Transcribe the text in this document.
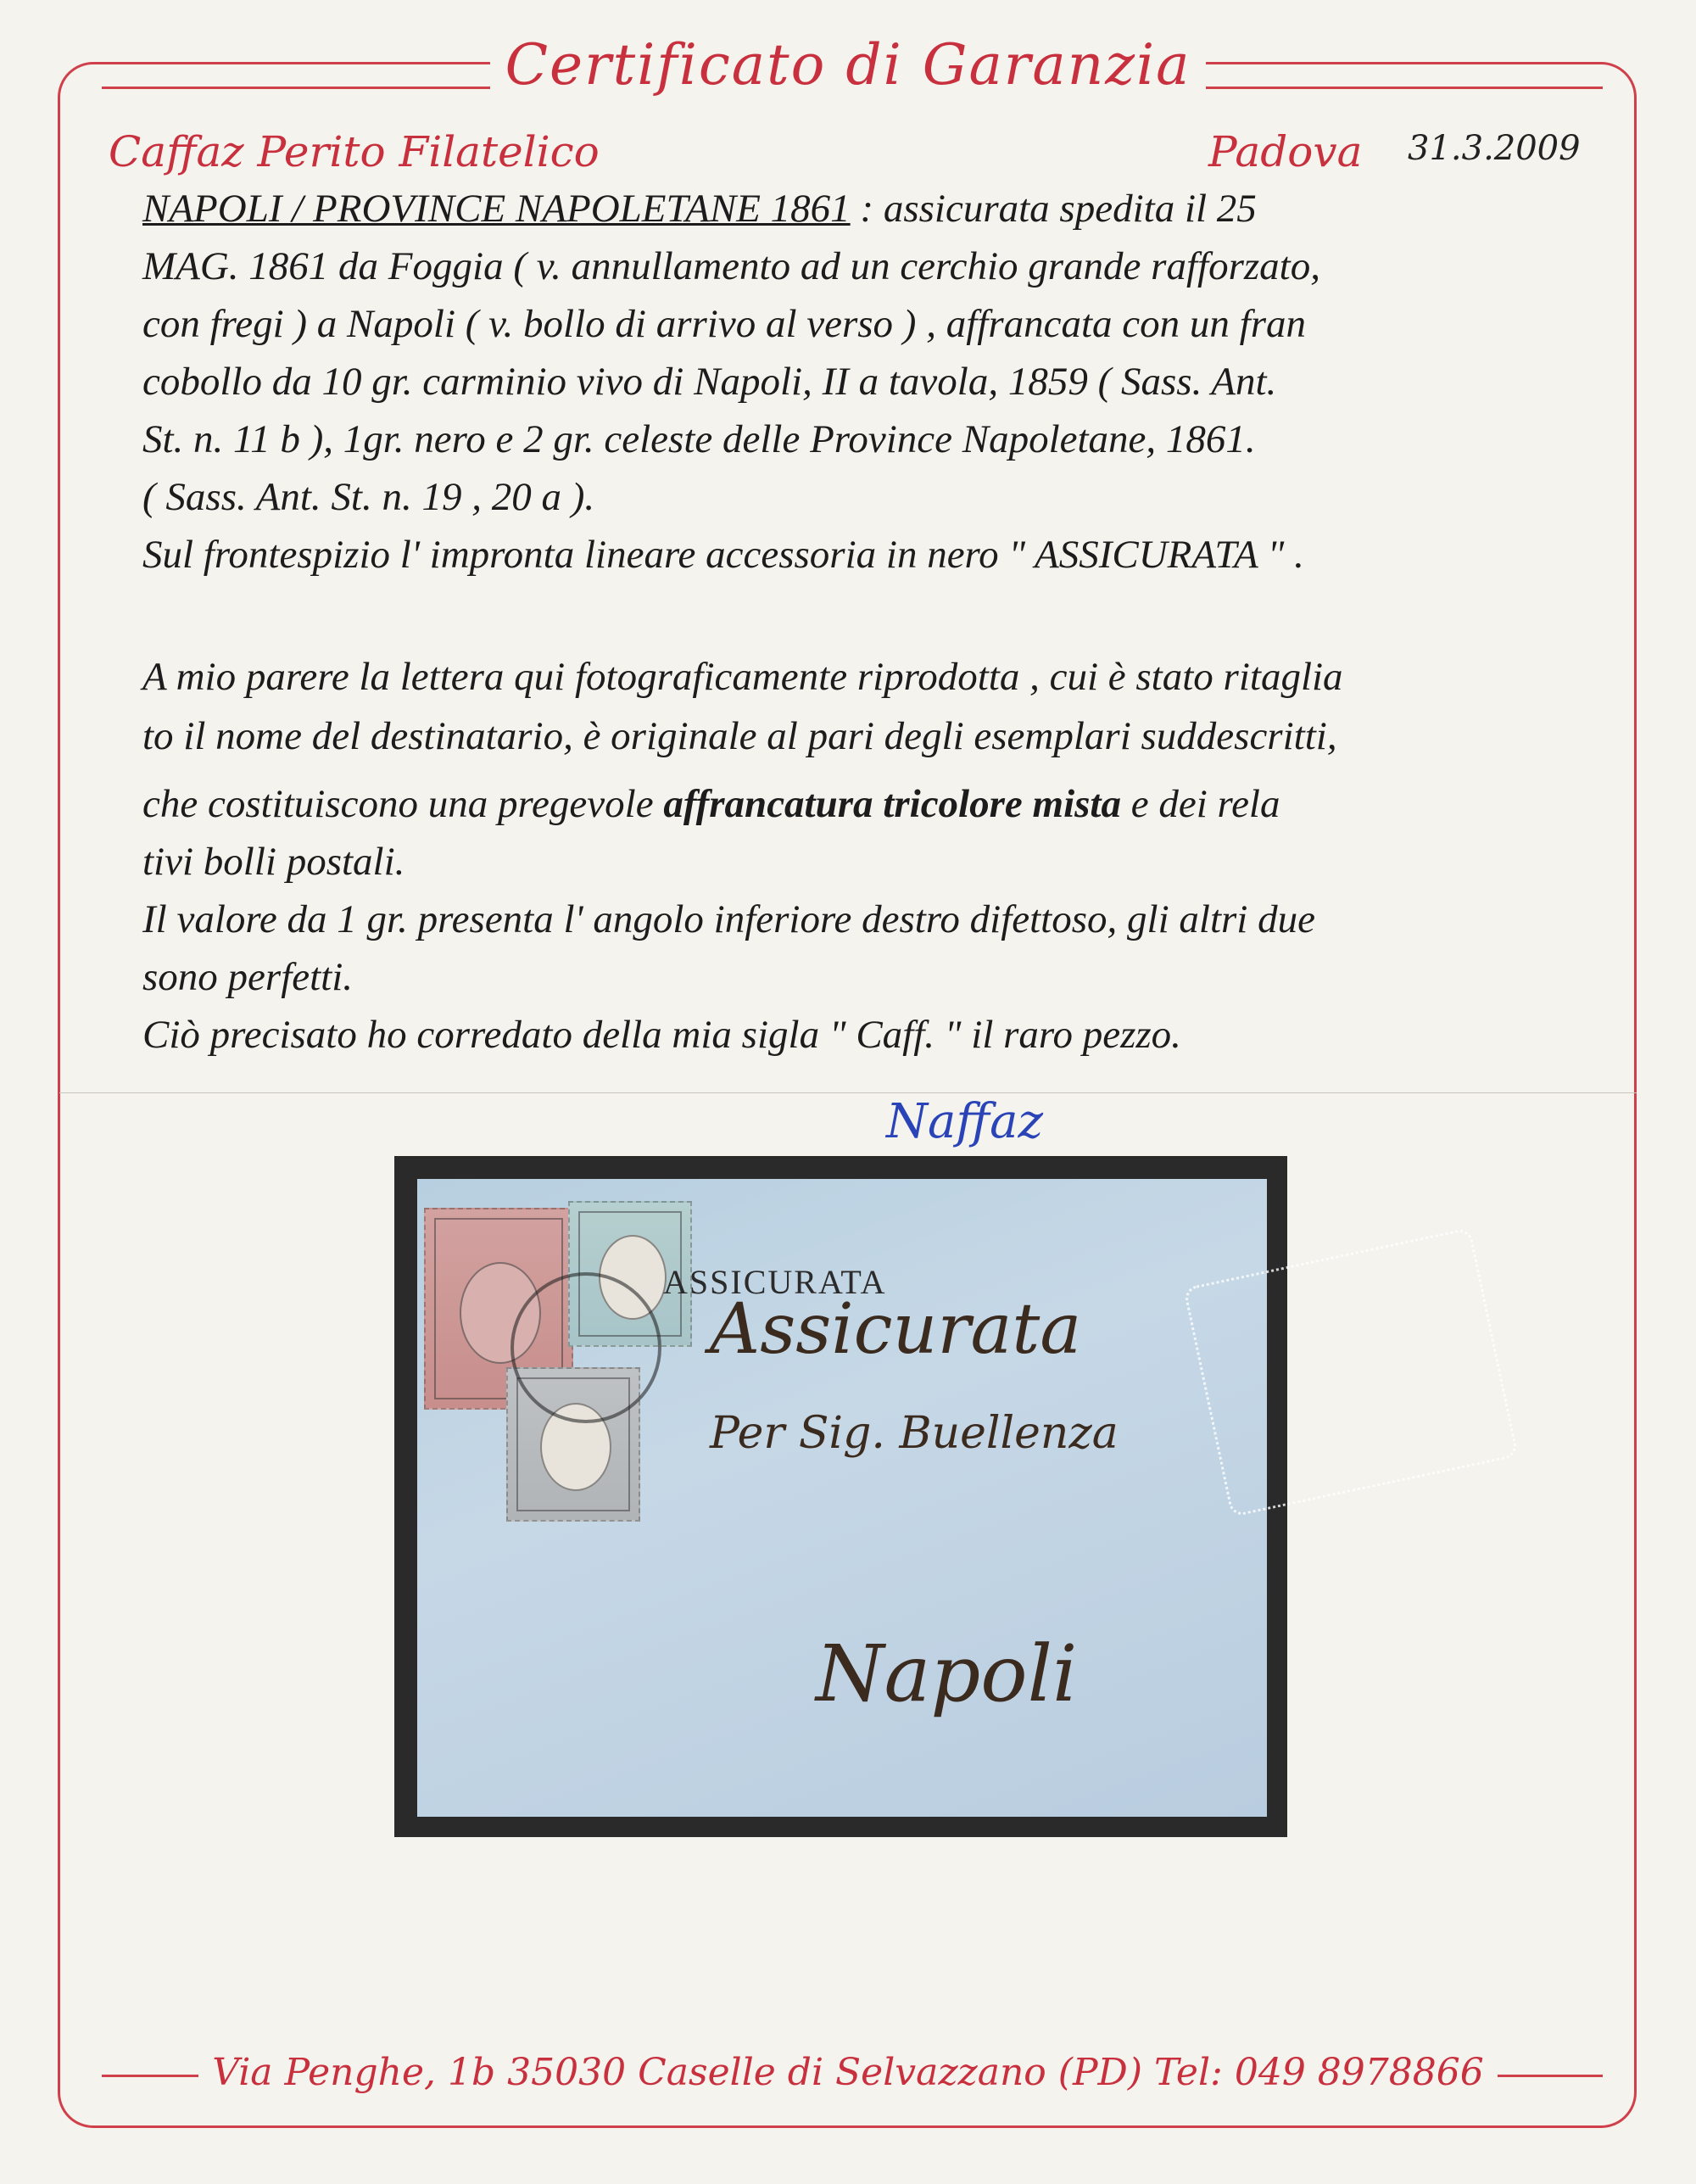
Certificato di Garanzia
Caffaz Perito Filatelico	Padova 31.3.2009
NAPOLI / PROVINCE NAPOLETANE 1861 : assicurata spedita il 25
MAG. 1861 da Foggia ( v. annullamento ad un cerchio grande rafforzato,
con fregi ) a Napoli ( v. bollo di arrivo al verso ) , affrancata con un fran
cobollo da 10 gr. carminio vivo di Napoli, II a tavola, 1859 ( Sass. Ant.
St. n. 11 b ), 1gr. nero e 2 gr. celeste delle Province Napoletane, 1861.
( Sass. Ant. St. n. 19 , 20 a ).
Sul frontespizio l' impronta lineare accessoria in nero " ASSICURATA " .
A mio parere la lettera qui fotograficamente riprodotta , cui è stato ritaglia
to il nome del destinatario, è originale al pari degli esemplari suddescritti,
che costituiscono una pregevole affrancatura tricolore mista e dei rela
tivi bolli postali.
Il valore da 1 gr. presenta l' angolo inferiore destro difettoso, gli altri due
sono perfetti.
Ciò precisato ho corredato della mia sigla " Caff. " il raro pezzo.
Naffaz
ASSICURATA
Assicurata
Per Sig. Buellenza
Napoli
Via Penghe, 1b 35030 Caselle di Selvazzano (PD) Tel: 049 8978866
